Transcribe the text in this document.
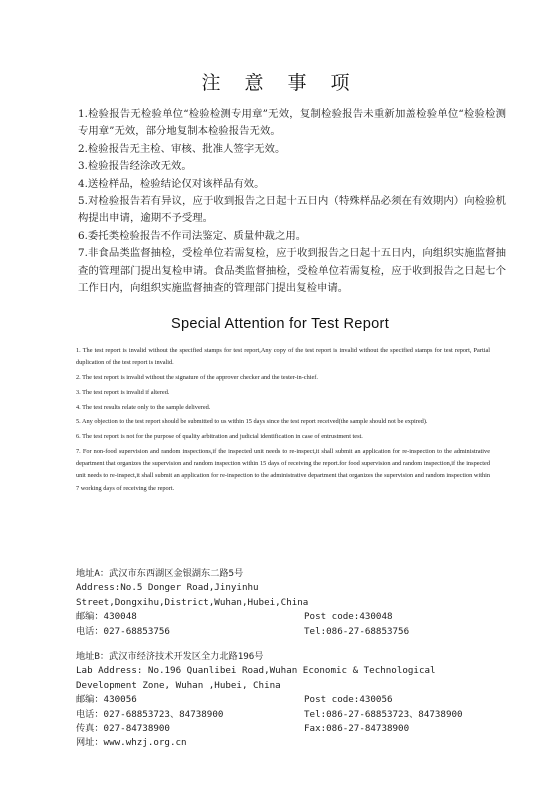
注 意 事 项

1.检验报告无检验单位“检验检测专用章”无效，复制检验报告未重新加盖检验单位“检验检测专用章”无效，部分地复制本检验报告无效。

2.检验报告无主检、审核、批准人签字无效。

3.检验报告经涂改无效。

4.送检样品，检验结论仅对该样品有效。

5.对检验报告若有异议，应于收到报告之日起十五日内（特殊样品必须在有效期内）向检验机构提出申请，逾期不予受理。

6.委托类检验报告不作司法鉴定、质量仲裁之用。

7.非食品类监督抽检，受检单位若需复检，应于收到报告之日起十五日内，向组织实施监督抽查的管理部门提出复检申请。食品类监督抽检，受检单位若需复检，应于收到报告之日起七个工作日内，向组织实施监督抽查的管理部门提出复检申请。

Special Attention for Test Report

1. The test report is invalid without the specified stamps for test report,Any copy of the test report is invalid without the specified stamps for test report, Partial duplication of the test report is invalid.

2. The test report is invalid without the signature of the approver checker and the tester-in-chief.

3. The test report is invalid if altered.

4. The test results relate only to the sample delivered.

5. Any objection to the test report should be submitted to us within 15 days since the test report received(the sample should not be expired).

6. The test report is not for the purpose of quality arbitration and judicial identification in case of entrustment test.

7. For non-food supervision and random inspections,if the inspected unit needs to re-inspect,it shall submit an application for re-inspection to the administrative department that organizes the supervision and random inspection within 15 days of receiving the report.for food supervision and random inspection,if the inspected unit needs to re-inspect,it shall submit an application for re-inspection to the administrative department that organizes the supervision and random inspection within 7 working days of receiving the report.

地址A：武汉市东西湖区金银湖东二路5号
Address:No.5 Donger Road,Jinyinhu
Street,Dongxihu,District,Wuhan,Hubei,China
邮编：430048	Post code:430048
电话：027-68853756	Tel:086-27-68853756
地址B：武汉市经济技术开发区全力北路196号
Lab Address: No.196 Quanlibei Road,Wuhan Economic & Technological
Development Zone, Wuhan ,Hubei, China
邮编：430056	Post code:430056
电话：027-68853723、84738900	Tel:086-27-68853723、84738900
传真：027-84738900	Fax:086-27-84738900
网址：www.whzj.org.cn
